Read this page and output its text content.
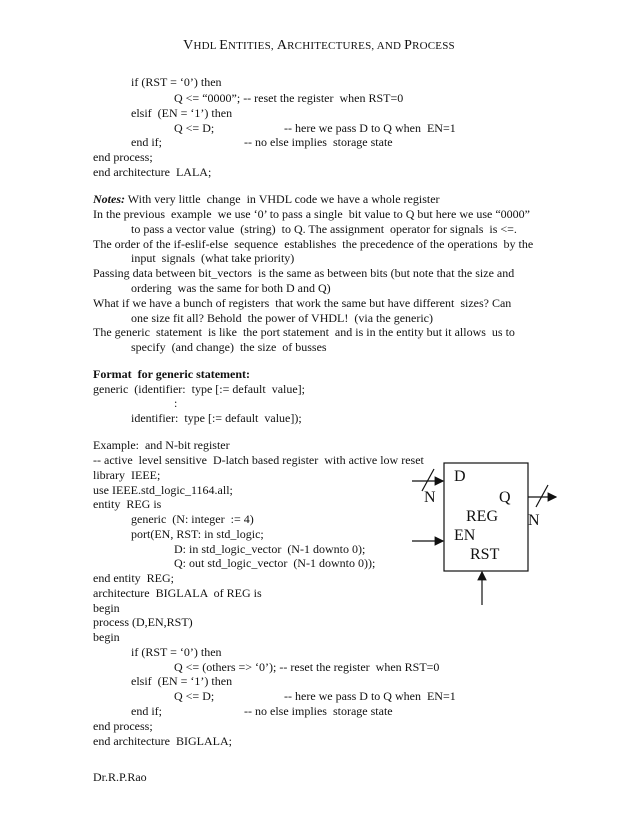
VHDL ENTITIES, ARCHITECTURES, AND PROCESS
if (RST = ‘0’) then
Q <= “0000”; -- reset the register  when RST=0
elsif  (EN = ‘1’) then
Q <= D;	-- here we pass D to Q when  EN=1
end if;	-- no else implies  storage state
end process;
end architecture  LALA;
Notes: With very little  change  in VHDL code we have a whole register
In the previous  example  we use ‘0’ to pass a single  bit value to Q but here we use “0000”
to pass a vector value  (string)  to Q. The assignment  operator for signals  is <=.
The order of the if-eslif-else  sequence  establishes  the precedence of the operations  by the
input  signals  (what take priority)
Passing data between bit_vectors  is the same as between bits (but note that the size and
ordering  was the same for both D and Q)
What if we have a bunch of registers  that work the same but have different  sizes? Can
one size fit all? Behold  the power of VHDL!  (via the generic)
The generic  statement  is like  the port statement  and is in the entity but it allows  us to
specify  (and change)  the size  of busses
Format  for generic statement:
generic  (identifier:  type [:= default  value];
:
identifier:  type [:= default  value]);
Example:  and N-bit register
-- active  level sensitive  D-latch based register  with active low reset
library  IEEE;
use IEEE.std_logic_1164.all;
entity  REG is
generic  (N: integer  := 4)
port(EN, RST: in std_logic;
D: in std_logic_vector  (N-1 downto 0);
Q: out std_logic_vector  (N-1 downto 0));
end entity  REG;
architecture  BIGLALA  of REG is
begin
process (D,EN,RST)
begin
if (RST = ‘0’) then
Q <= (others => ‘0’); -- reset the register  when RST=0
elsif  (EN = ‘1’) then
Q <= D;	-- here we pass D to Q when  EN=1
end if;	-- no else implies  storage state
end process;
end architecture  BIGLALA;
D
N	Q
REG N
EN
RST
Dr.R.P.Rao
